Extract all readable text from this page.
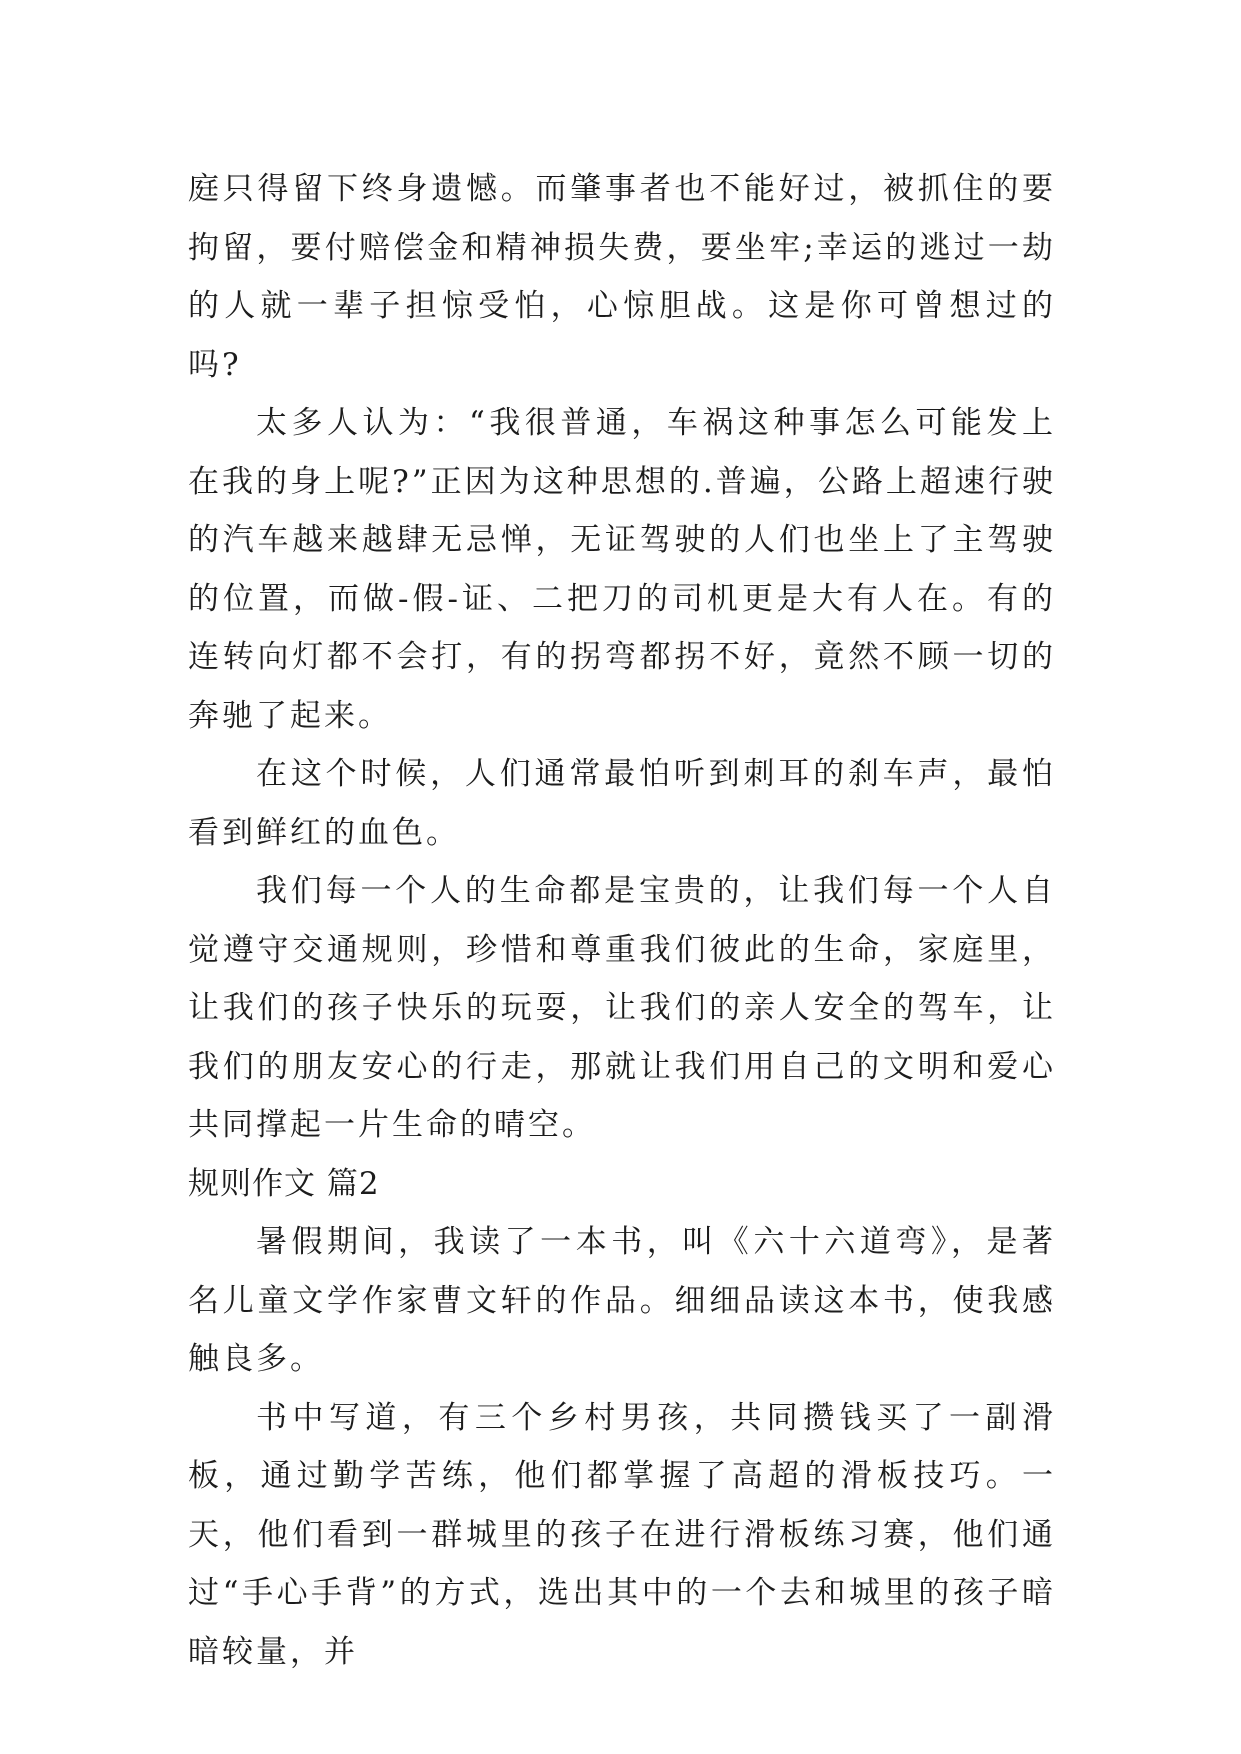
庭只得留下终身遗憾。而肇事者也不能好过，被抓住的要拘留，要付赔偿金和精神损失费，要坐牢;幸运的逃过一劫的人就一辈子担惊受怕，心惊胆战。这是你可曾想过的吗?

太多人认为：“我很普通，车祸这种事怎么可能发上在我的身上呢?”正因为这种思想的.普遍，公路上超速行驶的汽车越来越肆无忌惮，无证驾驶的人们也坐上了主驾驶的位置，而做-假-证、二把刀的司机更是大有人在。有的连转向灯都不会打，有的拐弯都拐不好，竟然不顾一切的奔驰了起来。

在这个时候，人们通常最怕听到刺耳的刹车声，最怕看到鲜红的血色。

我们每一个人的生命都是宝贵的，让我们每一个人自觉遵守交通规则，珍惜和尊重我们彼此的生命，家庭里，让我们的孩子快乐的玩耍，让我们的亲人安全的驾车，让我们的朋友安心的行走，那就让我们用自己的文明和爱心共同撑起一片生命的晴空。

规则作文 篇2

暑假期间，我读了一本书，叫《六十六道弯》，是著名儿童文学作家曹文轩的作品。细细品读这本书，使我感触良多。

书中写道，有三个乡村男孩，共同攒钱买了一副滑板，通过勤学苦练，他们都掌握了高超的滑板技巧。一天，他们看到一群城里的孩子在进行滑板练习赛，他们通过“手心手背”的方式，选出其中的一个去和城里的孩子暗暗较量，并
